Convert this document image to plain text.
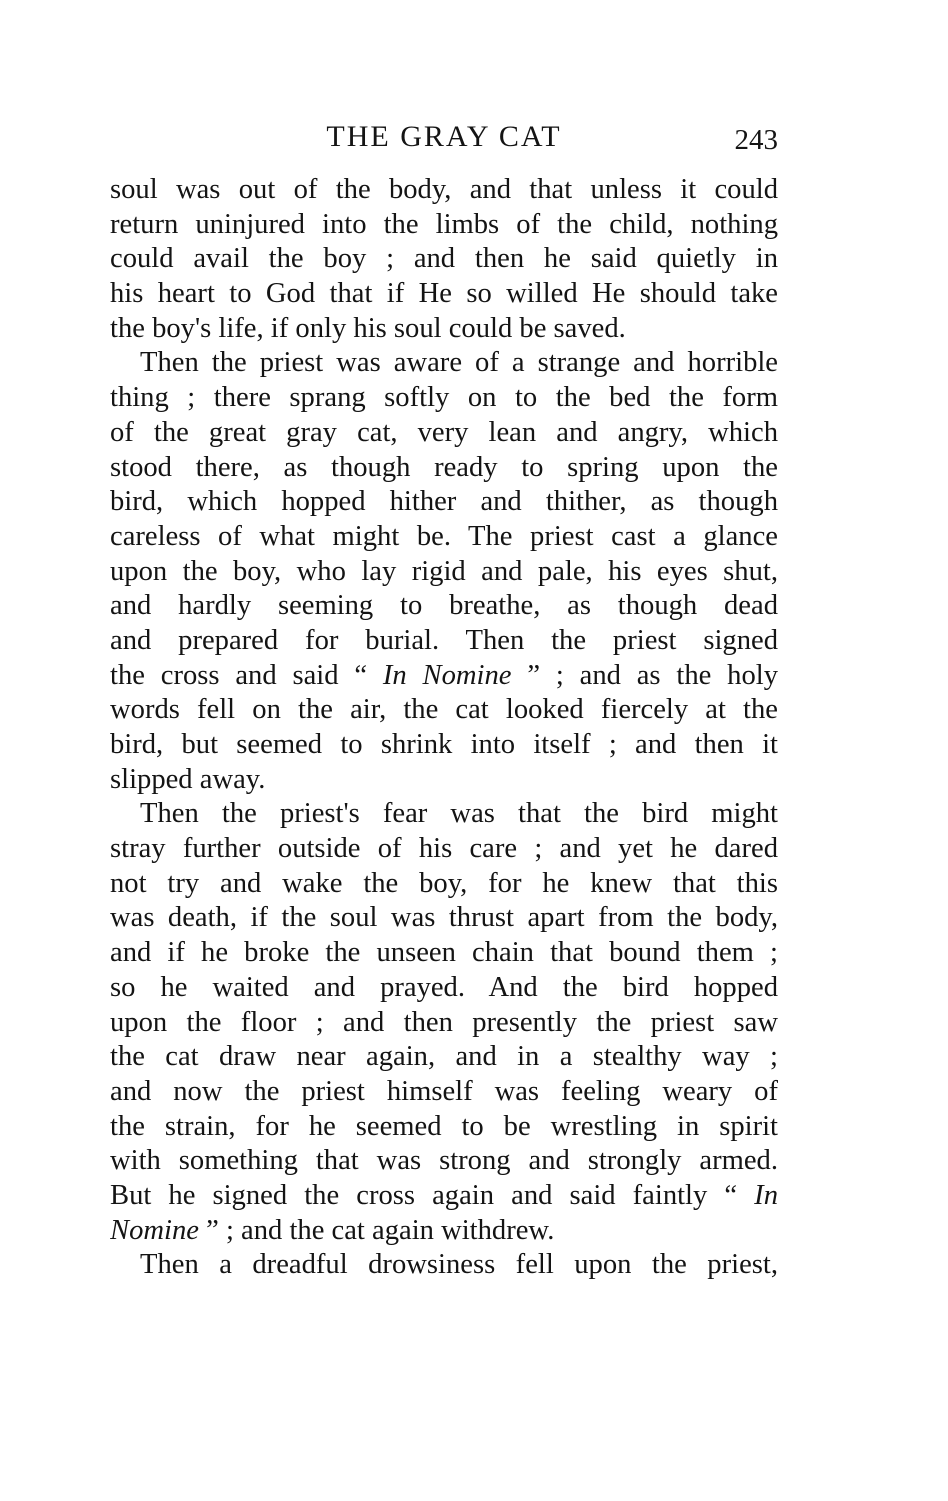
THE GRAY CAT	243
soul was out of the body, and that unless it could
return uninjured into the limbs of the child, nothing
could avail the boy ; and then he said quietly in
his heart to God that if He so willed He should take
the boy's life, if only his soul could be saved.
Then the priest was aware of a strange and horrible
thing ; there sprang softly on to the bed the form
of the great gray cat, very lean and angry, which
stood there, as though ready to spring upon the
bird, which hopped hither and thither, as though
careless of what might be. The priest cast a glance
upon the boy, who lay rigid and pale, his eyes shut,
and hardly seeming to breathe, as though dead
and prepared for burial. Then the priest signed
the cross and said “ In Nomine ” ; and as the holy
words fell on the air, the cat looked fiercely at the
bird, but seemed to shrink into itself ; and then it
slipped away.
Then the priest's fear was that the bird might
stray further outside of his care ; and yet he dared
not try and wake the boy, for he knew that this
was death, if the soul was thrust apart from the body,
and if he broke the unseen chain that bound them ;
so he waited and prayed. And the bird hopped
upon the floor ; and then presently the priest saw
the cat draw near again, and in a stealthy way ;
and now the priest himself was feeling weary of
the strain, for he seemed to be wrestling in spirit
with something that was strong and strongly armed.
But he signed the cross again and said faintly “ In
Nomine ” ; and the cat again withdrew.
Then a dreadful drowsiness fell upon the priest,
